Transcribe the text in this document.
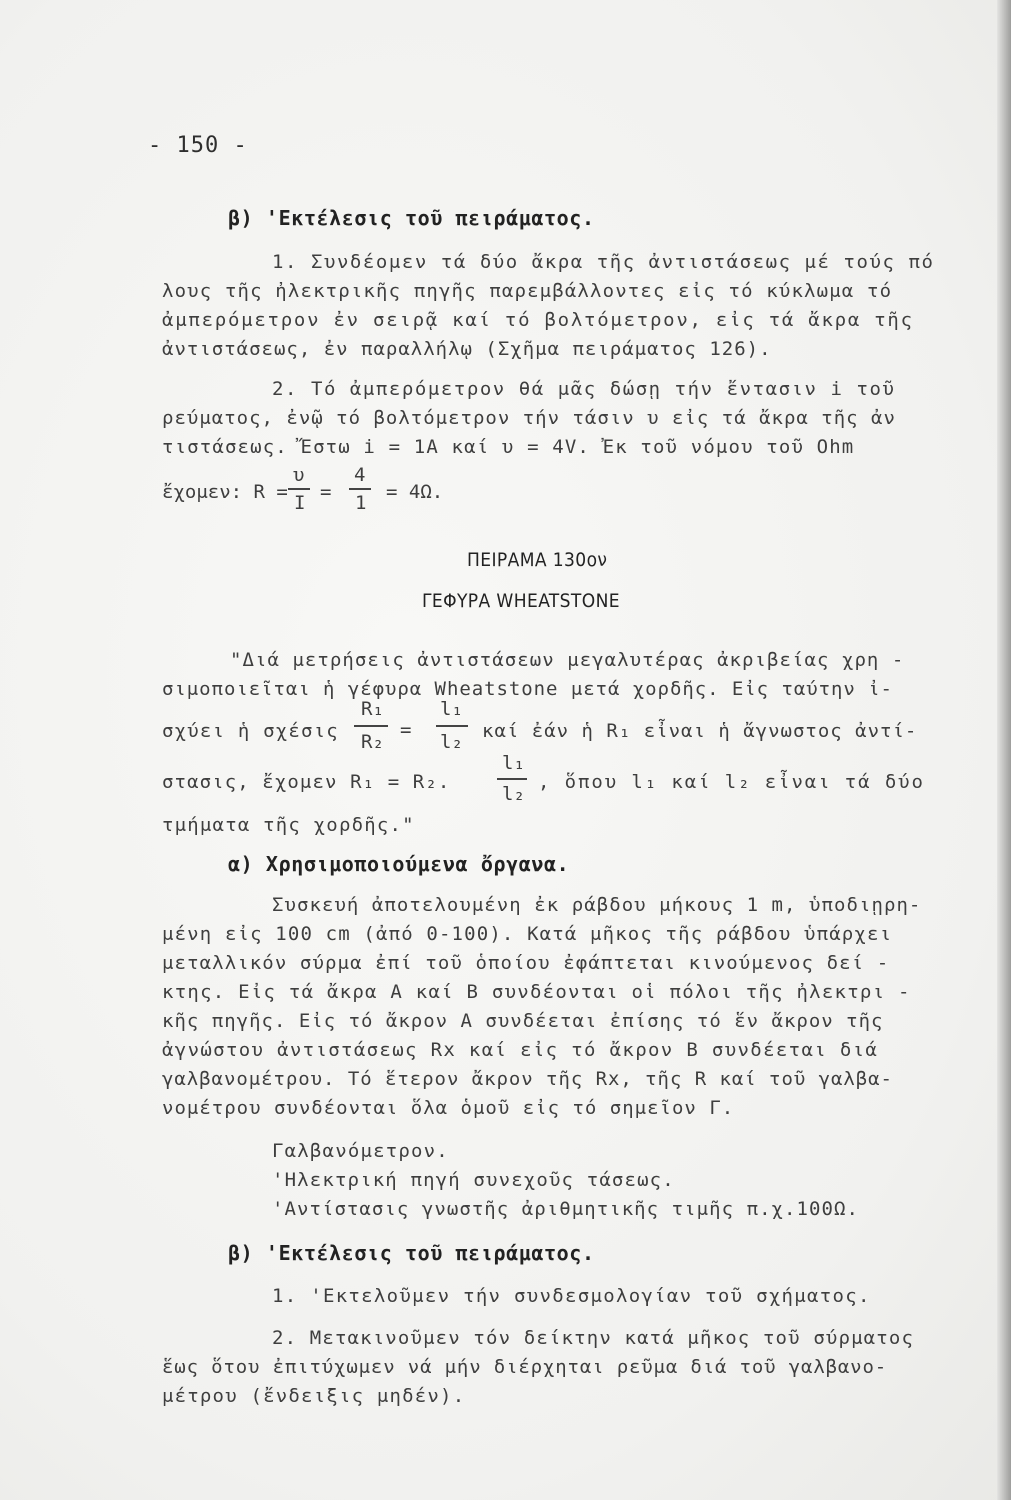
- 150 -
β) 'Εκτέλεσις τοῦ πειράματος.
1. Συνδέομεν τά δύο ἄκρα τῆς ἀντιστάσεως μέ τούς πό
λους τῆς ἠλεκτρικῆς πηγῆς παρεμβάλλοντες εἰς τό κύκλωμα τό
ἀμπερόμετρον ἐν σειρᾷ καί τό βολτόμετρον, εἰς τά ἄκρα τῆς
ἀντιστάσεως, ἐν παραλλήλῳ (Σχῆμα πειράματος 126).
2. Τό ἀμπερόμετρον θά μᾶς δώσῃ τήν ἔντασιν i τοῦ
ρεύματος, ἐνῷ τό βολτόμετρον τήν τάσιν υ εἰς τά ἄκρα τῆς ἀν
τιστάσεως. Ἔστω i = 1A καί υ = 4V. Ἐκ τοῦ νόμου τοῦ Ohm
ἔχομεν: R =
υ
I =
4
1 = 4Ω.
ΠΕΙΡΑΜΑ 130ον
ΓΕΦΥΡΑ WHEATSTONE
"Διά μετρήσεις ἀντιστάσεων μεγαλυτέρας ἀκριβείας χρη -
σιμοποιεῖται ἡ γέφυρα Wheatstone μετά χορδῆς. Εἰς ταύτην ἰ-
σχύει ἡ σχέσις
R₁
R₂
=
l₁
l₂ καί ἐάν ἡ R₁ εἶναι ἡ ἄγνωστος ἀντί-
στασις, ἔχομεν R₁ = R₂.
l₁
l₂
, ὅπου l₁ καί l₂ εἶναι τά δύο
τμήματα τῆς χορδῆς."
α) Χρησιμοποιούμενα ὄργανα.
Συσκευή ἀποτελουμένη ἐκ ράβδου μήκους 1 m, ὑποδιῃρη-
μένη εἰς 100 cm (ἀπό 0-100). Κατά μῆκος τῆς ράβδου ὑπάρχει
μεταλλικόν σύρμα ἐπί τοῦ ὁποίου ἐφάπτεται κινούμενος δεί -
κτης. Εἰς τά ἄκρα Α καί Β συνδέονται οἱ πόλοι τῆς ἠλεκτρι -
κῆς πηγῆς. Εἰς τό ἄκρον Α συνδέεται ἐπίσης τό ἕν ἄκρον τῆς
ἀγνώστου ἀντιστάσεως Rx καί εἰς τό ἄκρον Β συνδέεται διά
γαλβανομέτρου. Τό ἕτερον ἄκρον τῆς Rx, τῆς R καί τοῦ γαλβα-
νομέτρου συνδέονται ὅλα ὁμοῦ εἰς τό σημεῖον Γ.
Γαλβανόμετρον.
'Ηλεκτρική πηγή συνεχοῦς τάσεως.
'Αντίστασις γνωστῆς ἀριθμητικῆς τιμῆς π.χ.100Ω.
β) 'Εκτέλεσις τοῦ πειράματος.
1. 'Εκτελοῦμεν τήν συνδεσμολογίαν τοῦ σχήματος.
2. Μετακινοῦμεν τόν δείκτην κατά μῆκος τοῦ σύρματος
ἕως ὅτου ἐπιτύχωμεν νά μήν διέρχηται ρεῦμα διά τοῦ γαλβανο-
μέτρου (ἔνδειξις μηδέν).
